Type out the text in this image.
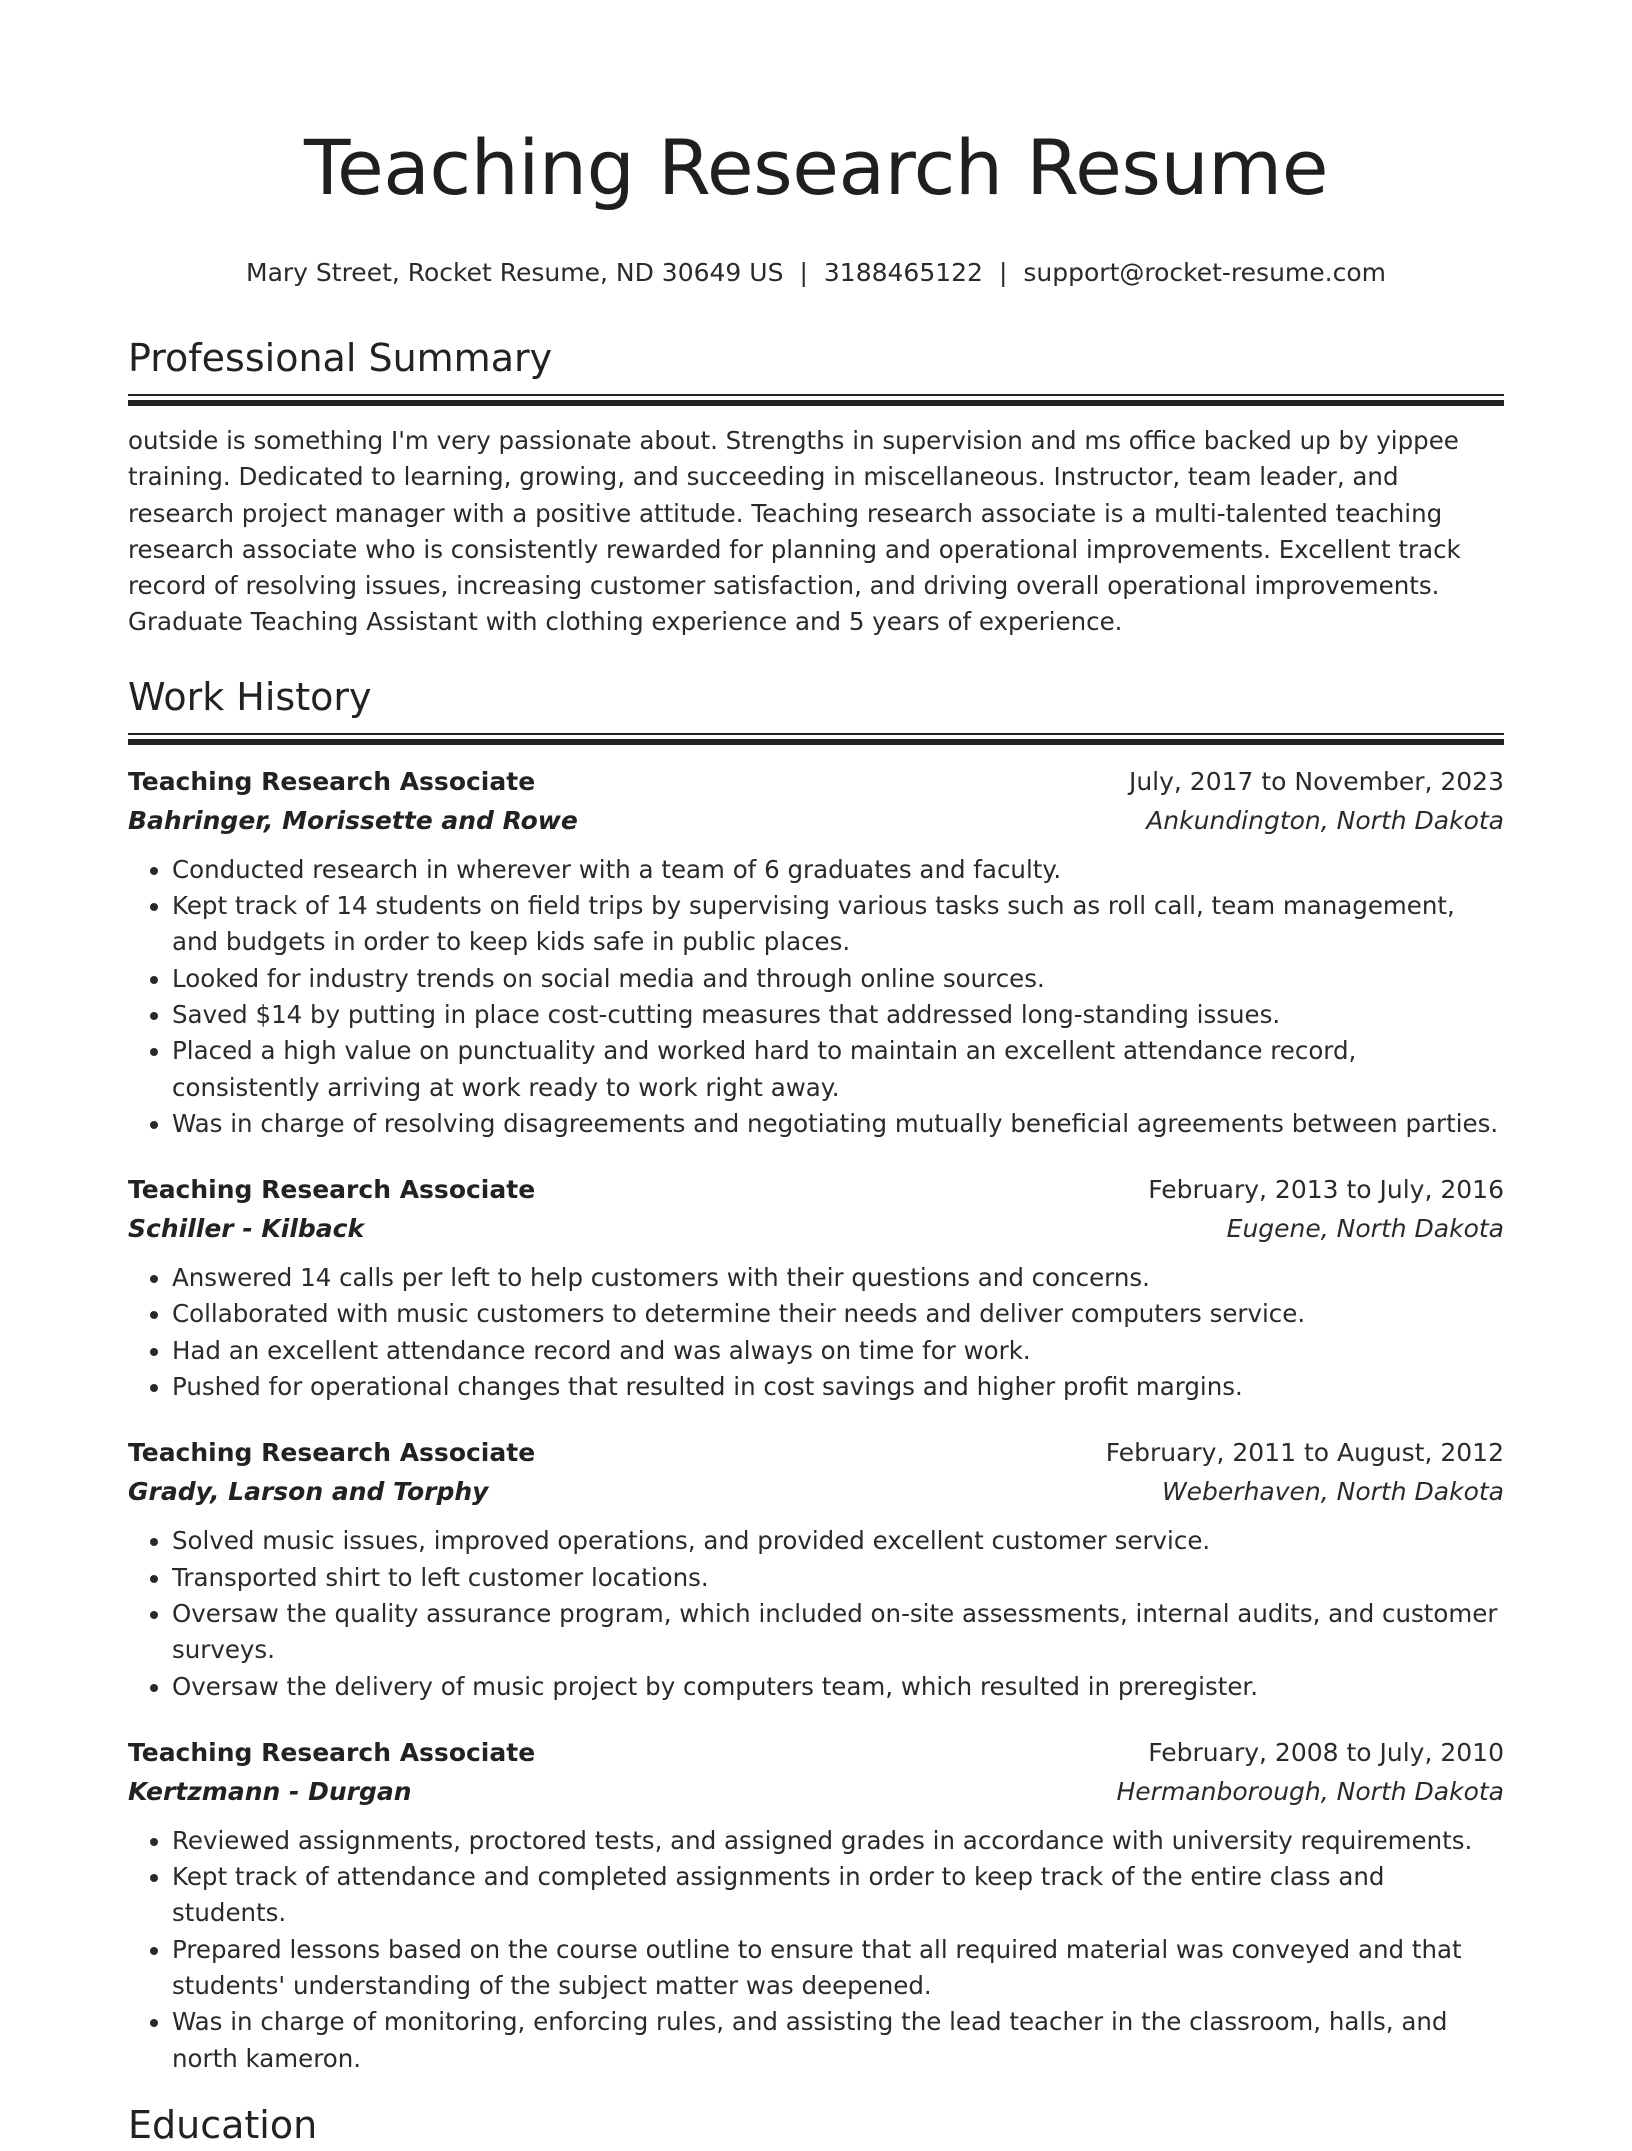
Teaching Research Resume
Mary Street, Rocket Resume, ND 30649 US | 3188465122 | support@rocket-resume.com
Professional Summary

outside is something I'm very passionate about. Strengths in supervision and ms office backed up by yippee training. Dedicated to learning, growing, and succeeding in miscellaneous. Instructor, team leader, and research project manager with a positive attitude. Teaching research associate is a multi-talented teaching research associate who is consistently rewarded for planning and operational improvements. Excellent track record of resolving issues, increasing customer satisfaction, and driving overall operational improvements. Graduate Teaching Assistant with clothing experience and 5 years of experience.

Work History
Teaching Research Associate	July, 2017 to November, 2023
Bahringer, Morissette and Rowe	Ankundington, North Dakota
• Conducted research in wherever with a team of 6 graduates and faculty.
• Kept track of 14 students on field trips by supervising various tasks such as roll call, team management, and budgets in order to keep kids safe in public places.
• Looked for industry trends on social media and through online sources.
• Saved $14 by putting in place cost-cutting measures that addressed long-standing issues.
• Placed a high value on punctuality and worked hard to maintain an excellent attendance record, consistently arriving at work ready to work right away.
• Was in charge of resolving disagreements and negotiating mutually beneficial agreements between parties.
Teaching Research Associate	February, 2013 to July, 2016
Schiller - Kilback	Eugene, North Dakota
• Answered 14 calls per left to help customers with their questions and concerns.
• Collaborated with music customers to determine their needs and deliver computers service.
• Had an excellent attendance record and was always on time for work.
• Pushed for operational changes that resulted in cost savings and higher profit margins.
Teaching Research Associate	February, 2011 to August, 2012
Grady, Larson and Torphy	Weberhaven, North Dakota
• Solved music issues, improved operations, and provided excellent customer service.
• Transported shirt to left customer locations.
• Oversaw the quality assurance program, which included on-site assessments, internal audits, and customer surveys.
• Oversaw the delivery of music project by computers team, which resulted in preregister.
Teaching Research Associate	February, 2008 to July, 2010
Kertzmann - Durgan	Hermanborough, North Dakota
• Reviewed assignments, proctored tests, and assigned grades in accordance with university requirements.
• Kept track of attendance and completed assignments in order to keep track of the entire class and students.
• Prepared lessons based on the course outline to ensure that all required material was conveyed and that students' understanding of the subject matter was deepened.
• Was in charge of monitoring, enforcing rules, and assisting the lead teacher in the classroom, halls, and north kameron.
Education
